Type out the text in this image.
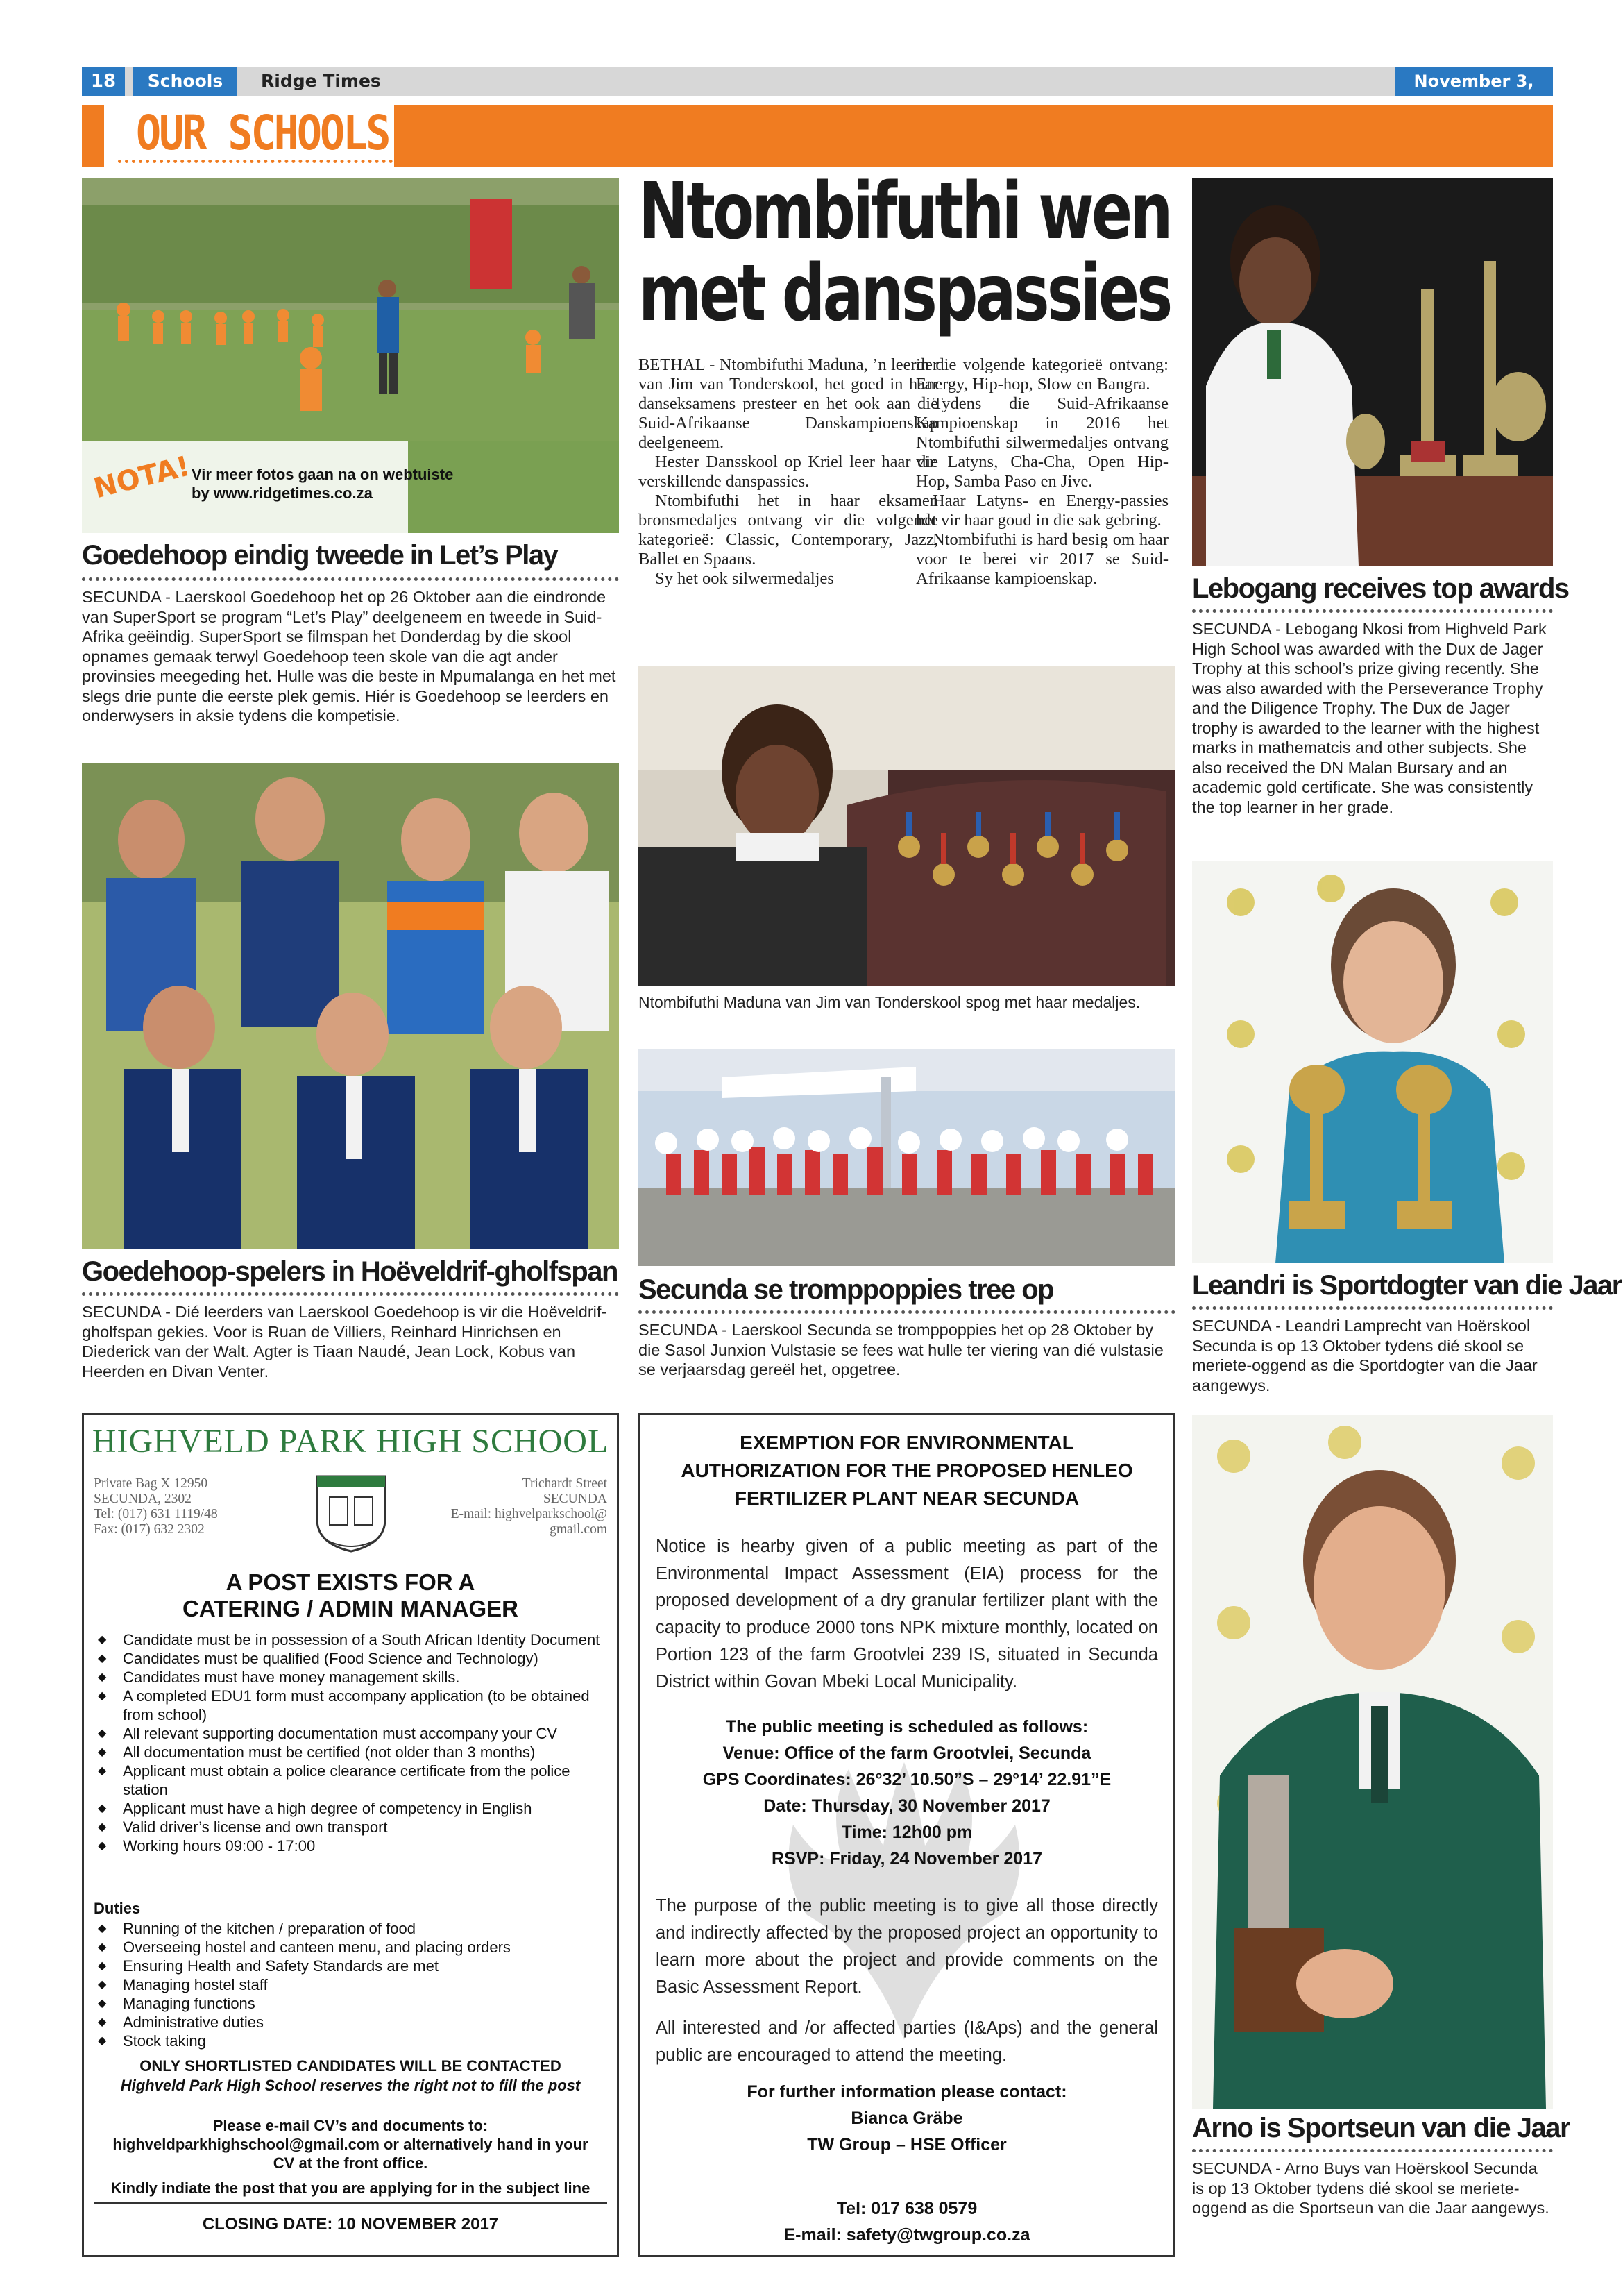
18	Schools	Ridge Times	November 3,
OUR SCHOOLS
NOTA!
Vir meer fotos gaan na on webtuiste
by www.ridgetimes.co.za
Goedehoop eindig tweede in Let’s Play
SECUNDA - Laerskool Goedehoop het op 26 Oktober aan die eindronde van SuperSport se program “Let’s Play” deelgeneem en tweede in Suid-Afrika geëindig. SuperSport se filmspan het Donderdag by die skool opnames gemaak terwyl Goedehoop teen skole van die agt ander provinsies meegeding het. Hulle was die beste in Mpumalanga en het met slegs drie punte die eerste plek gemis. Hiér is Goedehoop se leerders en onderwysers in aksie tydens die kompetisie.
Ntombifuthi wen
met danspassies

BETHAL - Ntombifuthi Maduna, ’n leerder van Jim van Tonderskool, het goed in haar danseksamens presteer en het ook aan die Suid-Afrikaanse Danskampioenskap deelgeneem.

Hester Dansskool op Kriel leer haar die verskillende danspassies.

Ntombifuthi het in haar eksamen bronsmedaljes ontvang vir die volgende kategorieë: Classic, Contemporary, Jazz, Ballet en Spaans.

Sy het ook silwermedaljes

in die volgende kategorieë ontvang: Energy, Hip-hop, Slow en Bangra.

Tydens die Suid-Afrikaanse Kampioenskap in 2016 het Ntombifuthi silwermedaljes ontvang vir Latyns, Cha-Cha, Open Hip-Hop, Samba Paso en Jive.

Haar Latyns- en Energy-passies het vir haar goud in die sak gebring.

Ntombifuthi is hard besig om haar voor te berei vir 2017 se Suid-Afrikaanse kampioenskap.

Ntombifuthi Maduna van Jim van Tonderskool spog met haar medaljes.
Lebogang receives top awards
SECUNDA - Lebogang Nkosi from Highveld Park High School was awarded with the Dux de Jager Trophy at this school’s prize giving recently. She was also awarded with the Perseverance Trophy and the Diligence Trophy. The Dux de Jager trophy is awarded to the learner with the highest marks in mathematcis and other subjects. She also received the DN Malan Bursary and an academic gold certificate. She was consistently the top learner in her grade.
Goedehoop-spelers in Hoëveldrif-gholfspan
SECUNDA - Dié leerders van Laerskool Goedehoop is vir die Hoëveldrif-gholfspan gekies. Voor is Ruan de Villiers, Reinhard Hinrichsen en Diederick van der Walt. Agter is Tiaan Naudé, Jean Lock, Kobus van Heerden en Divan Venter.
Secunda se tromppoppies tree op
SECUNDA - Laerskool Secunda se tromppoppies het op 28 Oktober by die Sasol Junxion Vulstasie se fees wat hulle ter viering van dié vulstasie se verjaarsdag gereël het, opgetree.
Leandri is Sportdogter van die Jaar
SECUNDA - Leandri Lamprecht van Hoërskool Secunda is op 13 Oktober tydens dié skool se meriete-oggend as die Sportdogter van die Jaar aangewys.
Arno is Sportseun van die Jaar
SECUNDA - Arno Buys van Hoërskool Secunda is op 13 Oktober tydens dié skool se meriete-oggend as die Sportseun van die Jaar aangewys.
HIGHVELD PARK HIGH SCHOOL
Private Bag X 12950
SECUNDA, 2302
Tel: (017) 631 1119/48
Fax: (017) 632 2302
Trichardt Street
SECUNDA
E-mail: highvelparkschool@
gmail.com
A POST EXISTS FOR A
CATERING / ADMIN MANAGER
◆ Candidate must be in possession of a South African Identity Document
◆ Candidates must be qualified (Food Science and Technology)
◆ Candidates must have money management skills.
◆ A completed EDU1 form must accompany application (to be obtained from school)
◆ All relevant supporting documentation must accompany your CV
◆ All documentation must be certified (not older than 3 months)
◆ Applicant must obtain a police clearance certificate from the police station
◆ Applicant must have a high degree of competency in English
◆ Valid driver’s license and own transport
◆ Working hours 09:00 - 17:00
Duties
◆ Running of the kitchen / preparation of food
◆ Overseeing hostel and canteen menu, and placing orders
◆ Ensuring Health and Safety Standards are met
◆ Managing hostel staff
◆ Managing functions
◆ Administrative duties
◆ Stock taking
ONLY SHORTLISTED CANDIDATES WILL BE CONTACTED
Highveld Park High School reserves the right not to fill the post
Please e-mail CV’s and documents to:
highveldparkhighschool@gmail.com or alternatively hand in your
CV at the front office.
Kindly indiate the post that you are applying for in the subject line
CLOSING DATE: 10 NOVEMBER 2017
EXEMPTION FOR ENVIRONMENTAL
AUTHORIZATION FOR THE PROPOSED HENLEO
FERTILIZER PLANT NEAR SECUNDA
Notice is hearby given of a public meeting as part of the Environmental Impact Assessment (EIA) process for the proposed development of a dry granular fertilizer plant with the capacity to produce 2000 tons NPK mixture monthly, located on Portion 123 of the farm Grootvlei 239 IS, situated in Secunda District within Govan Mbeki Local Municipality.
The public meeting is scheduled as follows:
Venue: Office of the farm Grootvlei, Secunda
GPS Coordinates: 26°32’ 10.50”S – 29°14’ 22.91”E
Date: Thursday, 30 November 2017
Time: 12h00 pm
RSVP: Friday, 24 November 2017
The purpose of the public meeting is to give all those directly and indirectly affected by the proposed project an opportunity to learn more about the project and provide comments on the Basic Assessment Report.
All interested and /or affected parties (I&Aps) and the general public are encouraged to attend the meeting.
For further information please contact:
Bianca Gräbe
TW Group – HSE Officer
Tel: 017 638 0579
E-mail: safety@twgroup.co.za
